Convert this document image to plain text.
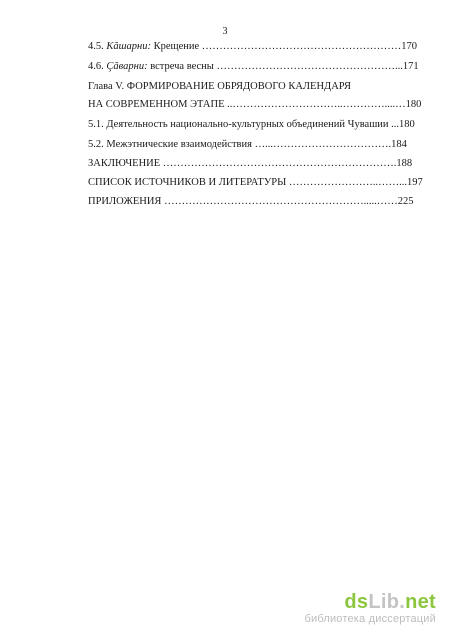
3
4.5. Кăшарни: Крещение …………………………………………………170
4.6. Çăварни: встреча весны ……………………………………………...171
Глава V. ФОРМИРОВАНИЕ ОБРЯДОВОГО КАЛЕНДАРЯ
НА СОВРЕМЕННОМ ЭТАПЕ ..…………………………..…………....…180
5.1. Деятельность национально-культурных объединений Чувашии ...180
5.2. Межэтнические взаимодействия …...…………………………….184
ЗАКЛЮЧЕНИЕ ………………………………………………………….188
СПИСОК ИСТОЧНИКОВ И ЛИТЕРАТУРЫ ……………………..……...197
ПРИЛОЖЕНИЯ ………………………………………………….....……225
dsLib.net
библиотека диссертаций
